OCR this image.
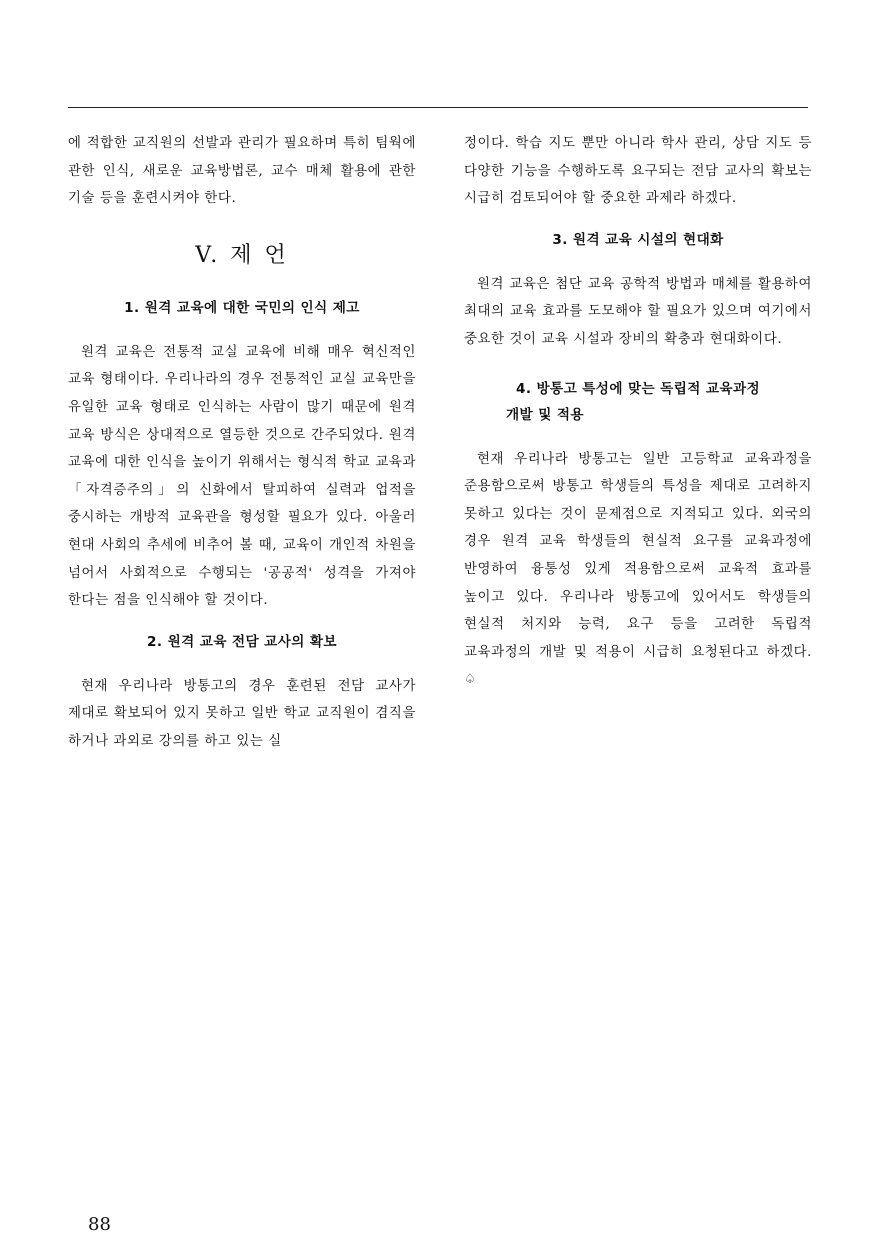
에 적합한 교직원의 선발과 관리가 필요하며 특히 팀웍에 관한 인식, 새로운 교육방법론, 교수 매체 활용에 관한 기술 등을 훈련시켜야 한다.

V. 제 언

1. 원격 교육에 대한 국민의 인식 제고

원격 교육은 전통적 교실 교육에 비해 매우 혁신적인 교육 형태이다. 우리나라의 경우 전통적인 교실 교육만을 유일한 교육 형태로 인식하는 사람이 많기 때문에 원격 교육 방식은 상대적으로 열등한 것으로 간주되었다. 원격 교육에 대한 인식을 높이기 위해서는 형식적 학교 교육과「자격증주의」의 신화에서 탈피하여 실력과 업적을 중시하는 개방적 교육관을 형성할 필요가 있다. 아울러 현대 사회의 추세에 비추어 볼 때, 교육이 개인적 차원을 넘어서 사회적으로 수행되는 '공공적' 성격을 가져야 한다는 점을 인식해야 할 것이다.

2. 원격 교육 전담 교사의 확보

현재 우리나라 방통고의 경우 훈련된 전담 교사가 제대로 확보되어 있지 못하고 일반 학교 교직원이 겸직을 하거나 과외로 강의를 하고 있는 실

정이다. 학습 지도 뿐만 아니라 학사 관리, 상담 지도 등 다양한 기능을 수행하도록 요구되는 전담 교사의 확보는 시급히 검토되어야 할 중요한 과제라 하겠다.

3. 원격 교육 시설의 현대화

원격 교육은 첨단 교육 공학적 방법과 매체를 활용하여 최대의 교육 효과를 도모해야 할 필요가 있으며 여기에서 중요한 것이 교육 시설과 장비의 확충과 현대화이다.

4. 방통고 특성에 맞는 독립적 교육과정

개발 및 적용

현재 우리나라 방통고는 일반 고등학교 교육과정을 준용함으로써 방통고 학생들의 특성을 제대로 고려하지 못하고 있다는 것이 문제점으로 지적되고 있다. 외국의 경우 원격 교육 학생들의 현실적 요구를 교육과정에 반영하여 융통성 있게 적용함으로써 교육적 효과를 높이고 있다. 우리나라 방통고에 있어서도 학생들의 현실적 처지와 능력, 요구 등을 고려한 독립적 교육과정의 개발 및 적용이 시급히 요청된다고 하겠다. ♤

88
